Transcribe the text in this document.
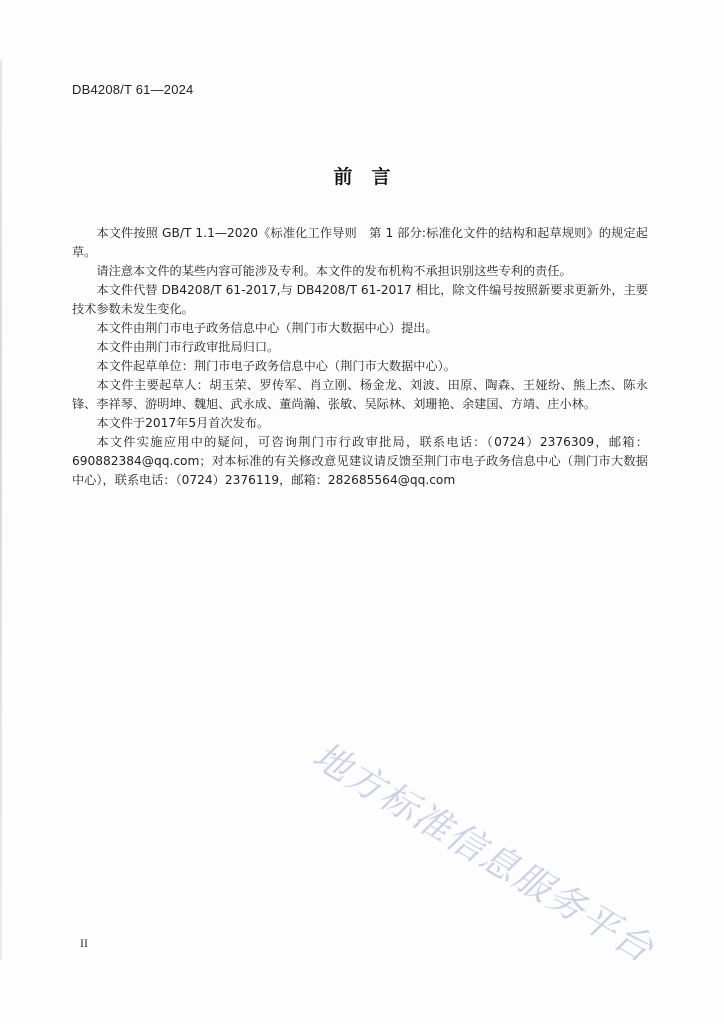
DB4208/T 61—2024
前　言

本文件按照 GB/T 1.1—2020《标准化工作导则　第 1 部分:标准化文件的结构和起草规则》的规定起草。

请注意本文件的某些内容可能涉及专利。本文件的发布机构不承担识别这些专利的责任。

本文件代替 DB4208/T 61-2017,与 DB4208/T 61-2017 相比，除文件编号按照新要求更新外，主要技术参数未发生变化。

本文件由荆门市电子政务信息中心（荆门市大数据中心）提出。

本文件由荆门市行政审批局归口。

本文件起草单位：荆门市电子政务信息中心（荆门市大数据中心）。

本文件主要起草人：胡玉荣、罗传军、肖立刚、杨金龙、刘波、田原、陶森、王娅纷、熊上杰、陈永锋、李祥琴、游明坤、魏旭、武永成、董尚瀚、张敏、吴际林、刘珊艳、余建国、方靖、庄小林。

本文件于2017年5月首次发布。

本文件实施应用中的疑问，可咨询荆门市行政审批局，联系电话：（0724）2376309，邮箱：690882384@qq.com；对本标准的有关修改意见建议请反馈至荆门市电子政务信息中心（荆门市大数据中心），联系电话：（0724）2376119，邮箱：282685564@qq.com

地方标准信息服务平台
II
